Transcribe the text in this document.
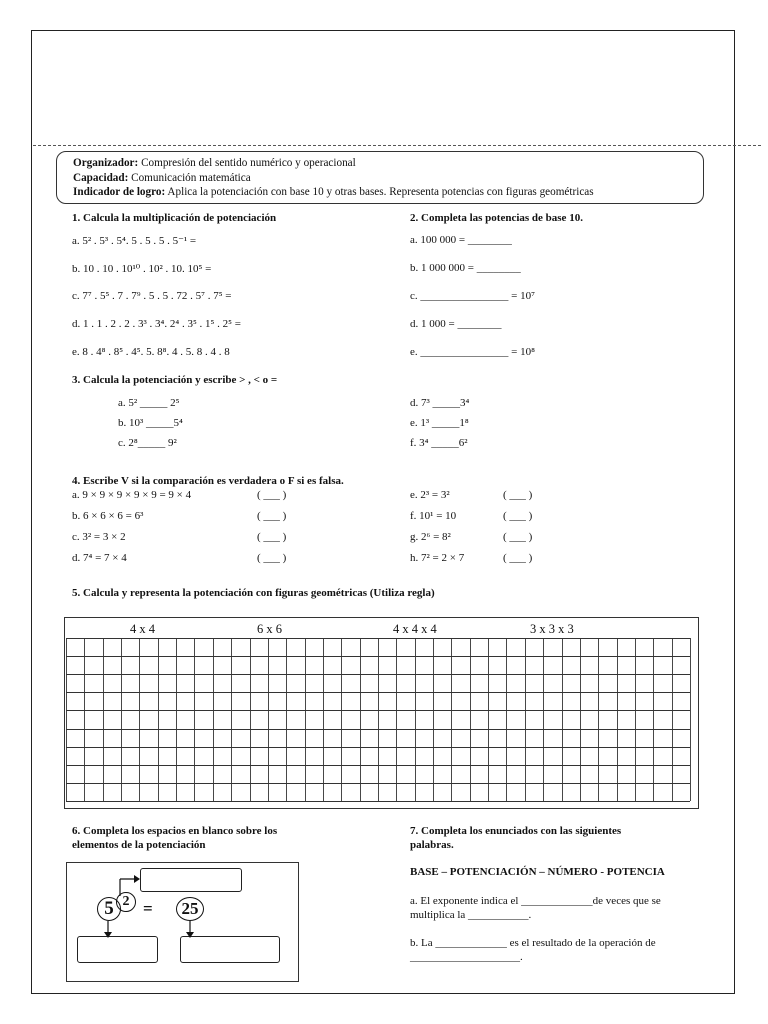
Organizador: Compresión del sentido numérico y operacional
Capacidad: Comunicación matemática
Indicador de logro: Aplica la potenciación con base 10 y otras bases. Representa potencias con figuras geométricas
1. Calcula la multiplicación de potenciación
a. 5² . 5³ . 5⁴. 5 . 5 . 5 . 5⁻¹ =
b. 10 . 10 . 10¹⁰ . 10² . 10. 10⁵ =
c. 7⁷ . 5⁵ . 7 . 7⁹ . 5 . 5 . 72 . 5⁷ . 7⁵ =
d. 1 . 1 . 2 . 2 . 3³ . 3⁴. 2⁴ . 3⁵ . 1⁵ . 2⁵ =
e. 8 . 4⁸ . 8⁵ . 4⁵. 5. 8⁸. 4 . 5. 8 . 4 . 8
2. Completa las potencias de base 10.
a. 100 000 = ________
b. 1 000 000 = ________
c. ________________ = 10⁷
d. 1 000 = ________
e. ________________ = 10⁸
3. Calcula la potenciación y escribe > , < o =
a. 5² _____ 2⁵
b. 10³ _____5⁴
c. 2⁸_____ 9²
d. 7³ _____3⁴
e. 1³ _____1⁸
f. 3⁴ _____6²
4. Escribe V si la comparación es verdadera o F si es falsa.
a. 9 × 9 × 9 × 9 × 9 = 9 × 4	( ___ )
b. 6 × 6 × 6 = 6³	( ___ )
c. 3² = 3 × 2	( ___ )
d. 7⁴ = 7 × 4	( ___ )
e. 2³ = 3²	( ___ )
f. 10¹ = 10	( ___ )
g. 2⁶ = 8²	( ___ )
h. 7² = 2 × 7	( ___ )
5. Calcula y representa la potenciación con figuras geométricas (Utiliza regla)
4 x 4	6 x 6	4 x 4 x 4	3 x 3 x 3
6. Completa los espacios en blanco sobre los
elementos de la potenciación
5 2 =	25
7. Completa los enunciados con las siguientes
palabras.
BASE – POTENCIACIÓN – NÚMERO - POTENCIA
a. El exponente indica el _____________de veces que se
multiplica la ___________.
b. La _____________ es el resultado de la operación de
____________________.
